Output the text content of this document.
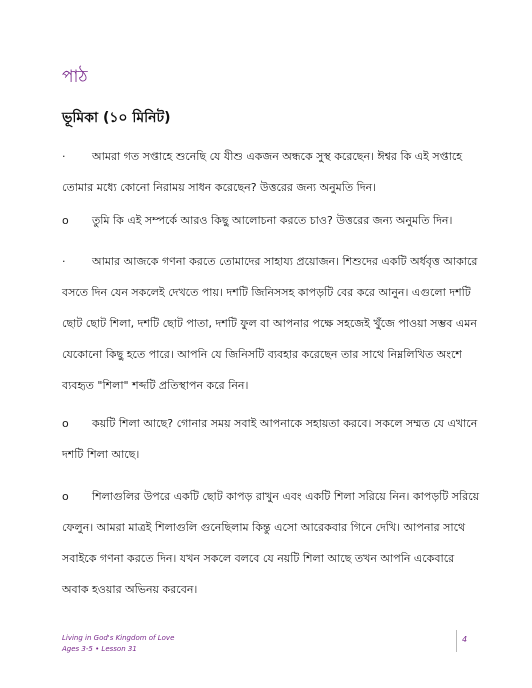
পাঠ
ভূমিকা (১০ মিনিট)
·	আমরা গত সপ্তাহে শুনেছি যে যীশু একজন অন্ধকে সুস্থ করেছেন। ঈশ্বর কি এই সপ্তাহে তোমার মধ্যে কোনো নিরাময় সাধন করেছেন? উত্তরের জন্য অনুমতি দিন।
o	তুমি কি এই সম্পর্কে আরও কিছু আলোচনা করতে চাও? উত্তরের জন্য অনুমতি দিন।
·	আমার আজকে গণনা করতে তোমাদের সাহায্য প্রয়োজন। শিশুদের একটি অর্ধবৃত্ত আকারে বসতে দিন যেন সকলেই দেখতে পায়। দশটি জিনিসসহ কাপড়টি বের করে আনুন। এগুলো দশটি ছোট ছোট শিলা, দশটি ছোট পাতা, দশটি ফুল বা আপনার পক্ষে সহজেই খুঁজে পাওয়া সম্ভব এমন যেকোনো কিছু হতে পারে। আপনি যে জিনিসটি ব্যবহার করেছেন তার সাথে নিম্নলিখিত অংশে ব্যবহৃত "শিলা" শব্দটি প্রতিস্থাপন করে নিন।
o	কয়টি শিলা আছে? গোনার সময় সবাই আপনাকে সহায়তা করবে। সকলে সম্মত যে এখানে দশটি শিলা আছে।
o	শিলাগুলির উপরে একটি ছোট কাপড় রাখুন এবং একটি শিলা সরিয়ে নিন। কাপড়টি সরিয়ে ফেলুন। আমরা মাত্রই শিলাগুলি গুনেছিলাম কিন্তু এসো আরেকবার গিনে দেখি। আপনার সাথে সবাইকে গণনা করতে দিন। যখন সকলে বলবে যে নয়টি শিলা আছে তখন আপনি একেবারে অবাক হওয়ার অভিনয় করবেন।
Living in God's Kingdom of Love
Ages 3-5 • Lesson 31
4
